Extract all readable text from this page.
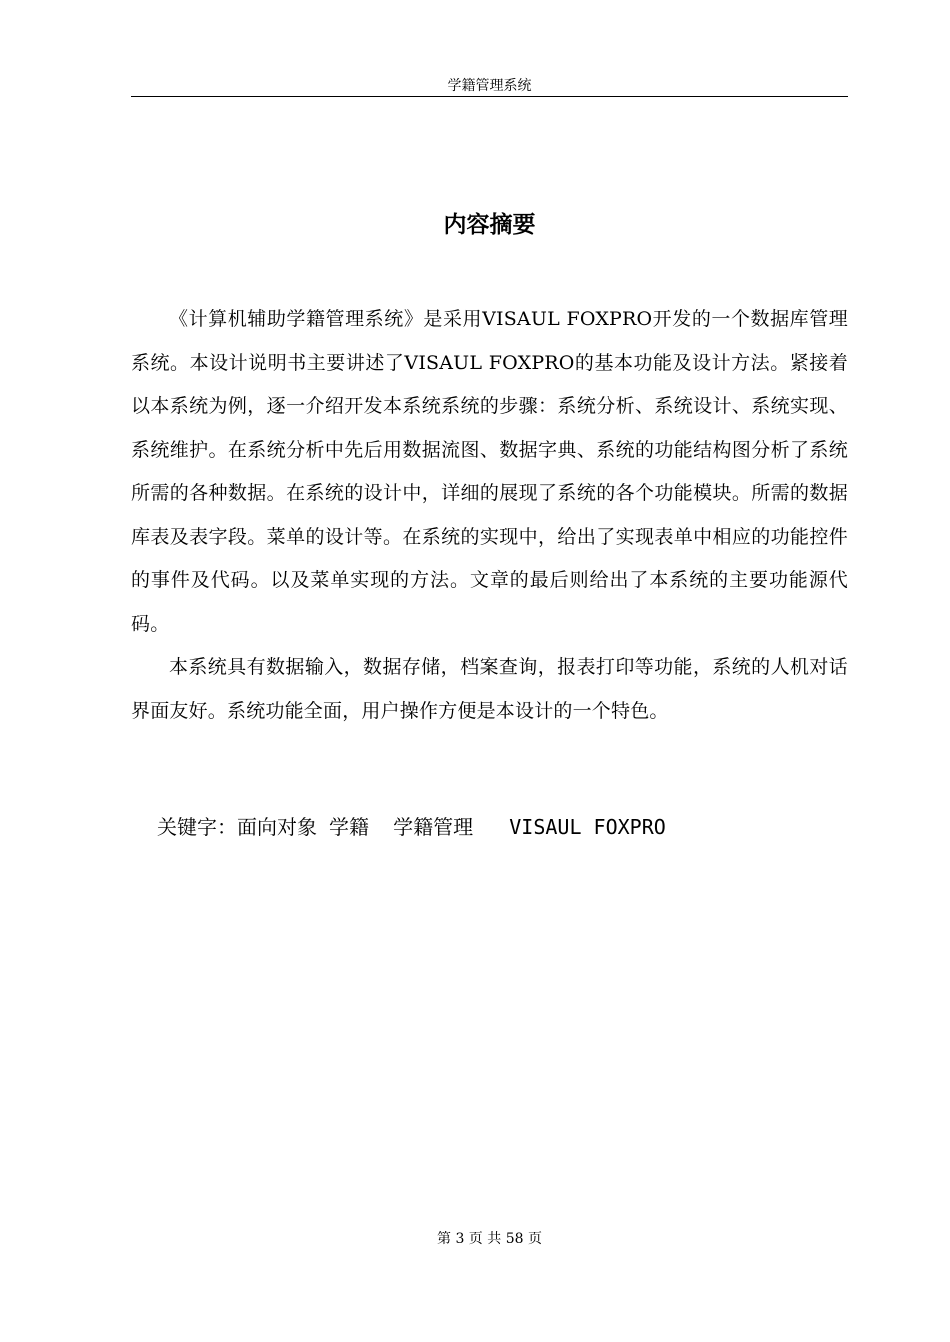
学籍管理系统
内容摘要

《计算机辅助学籍管理系统》是采用VISAUL FOXPRO开发的一个数据库管理系统。本设计说明书主要讲述了VISAUL FOXPRO的基本功能及设计方法。紧接着以本系统为例，逐一介绍开发本系统系统的步骤：系统分析、系统设计、系统实现、系统维护。在系统分析中先后用数据流图、数据字典、系统的功能结构图分析了系统所需的各种数据。在系统的设计中，详细的展现了系统的各个功能模块。所需的数据库表及表字段。菜单的设计等。在系统的实现中，给出了实现表单中相应的功能控件的事件及代码。以及菜单实现的方法。文章的最后则给出了本系统的主要功能源代码。

本系统具有数据输入，数据存储，档案查询，报表打印等功能，系统的人机对话界面友好。系统功能全面，用户操作方便是本设计的一个特色。

关键字：面向对象 学籍  学籍管理   VISAUL FOXPRO
第 3 页 共 58 页
